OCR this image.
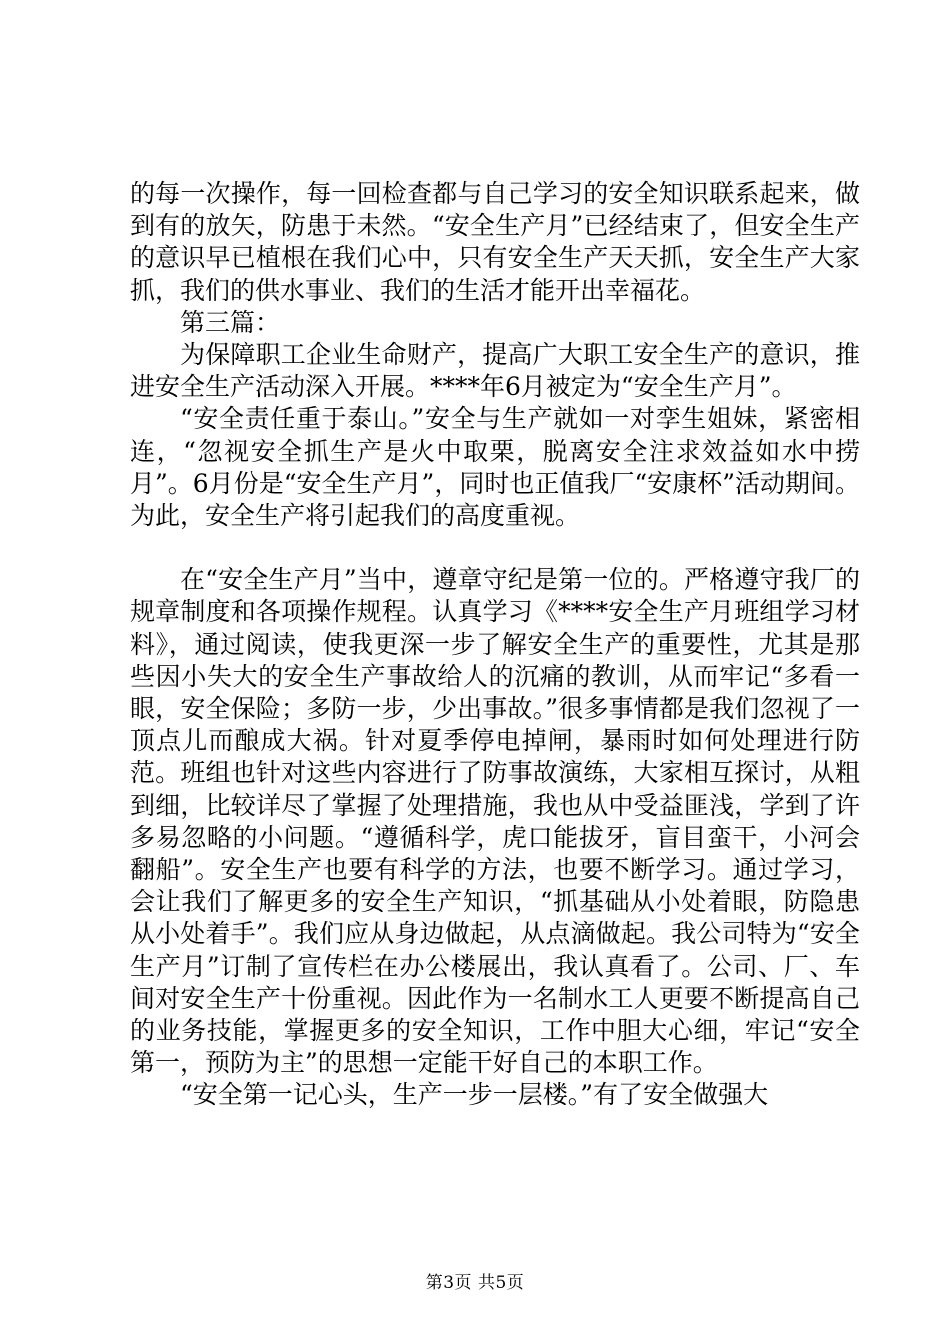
的每一次操作，每一回检查都与自己学习的安全知识联系起来，做到有的放矢，防患于未然。“安全生产月”已经结束了，但安全生产的意识早已植根在我们心中，只有安全生产天天抓，安全生产大家抓，我们的供水事业、我们的生活才能开出幸福花。

第三篇：

为保障职工企业生命财产，提高广大职工安全生产的意识，推进安全生产活动深入开展。****年6月被定为“安全生产月”。

“安全责任重于泰山。”安全与生产就如一对孪生姐妹，紧密相连，“忽视安全抓生产是火中取栗，脱离安全注求效益如水中捞月”。6月份是“安全生产月”，同时也正值我厂“安康杯”活动期间。为此，安全生产将引起我们的高度重视。

在“安全生产月”当中，遵章守纪是第一位的。严格遵守我厂的规章制度和各项操作规程。认真学习《****安全生产月班组学习材料》，通过阅读，使我更深一步了解安全生产的重要性，尤其是那些因小失大的安全生产事故给人的沉痛的教训，从而牢记“多看一眼，安全保险；多防一步，少出事故。”很多事情都是我们忽视了一顶点儿而酿成大祸。针对夏季停电掉闸，暴雨时如何处理进行防范。班组也针对这些内容进行了防事故演练，大家相互探讨，从粗到细，比较详尽了掌握了处理措施，我也从中受益匪浅，学到了许多易忽略的小问题。“遵循科学，虎口能拔牙，盲目蛮干，小河会翻船”。安全生产也要有科学的方法，也要不断学习。通过学习，会让我们了解更多的安全生产知识，“抓基础从小处着眼，防隐患从小处着手”。我们应从身边做起，从点滴做起。我公司特为“安全生产月”订制了宣传栏在办公楼展出，我认真看了。公司、厂、车间对安全生产十份重视。因此作为一名制水工人更要不断提高自己的业务技能，掌握更多的安全知识，工作中胆大心细，牢记“安全第一，预防为主”的思想一定能干好自己的本职工作。

“安全第一记心头，生产一步一层楼。”有了安全做强大

第3页 共5页
